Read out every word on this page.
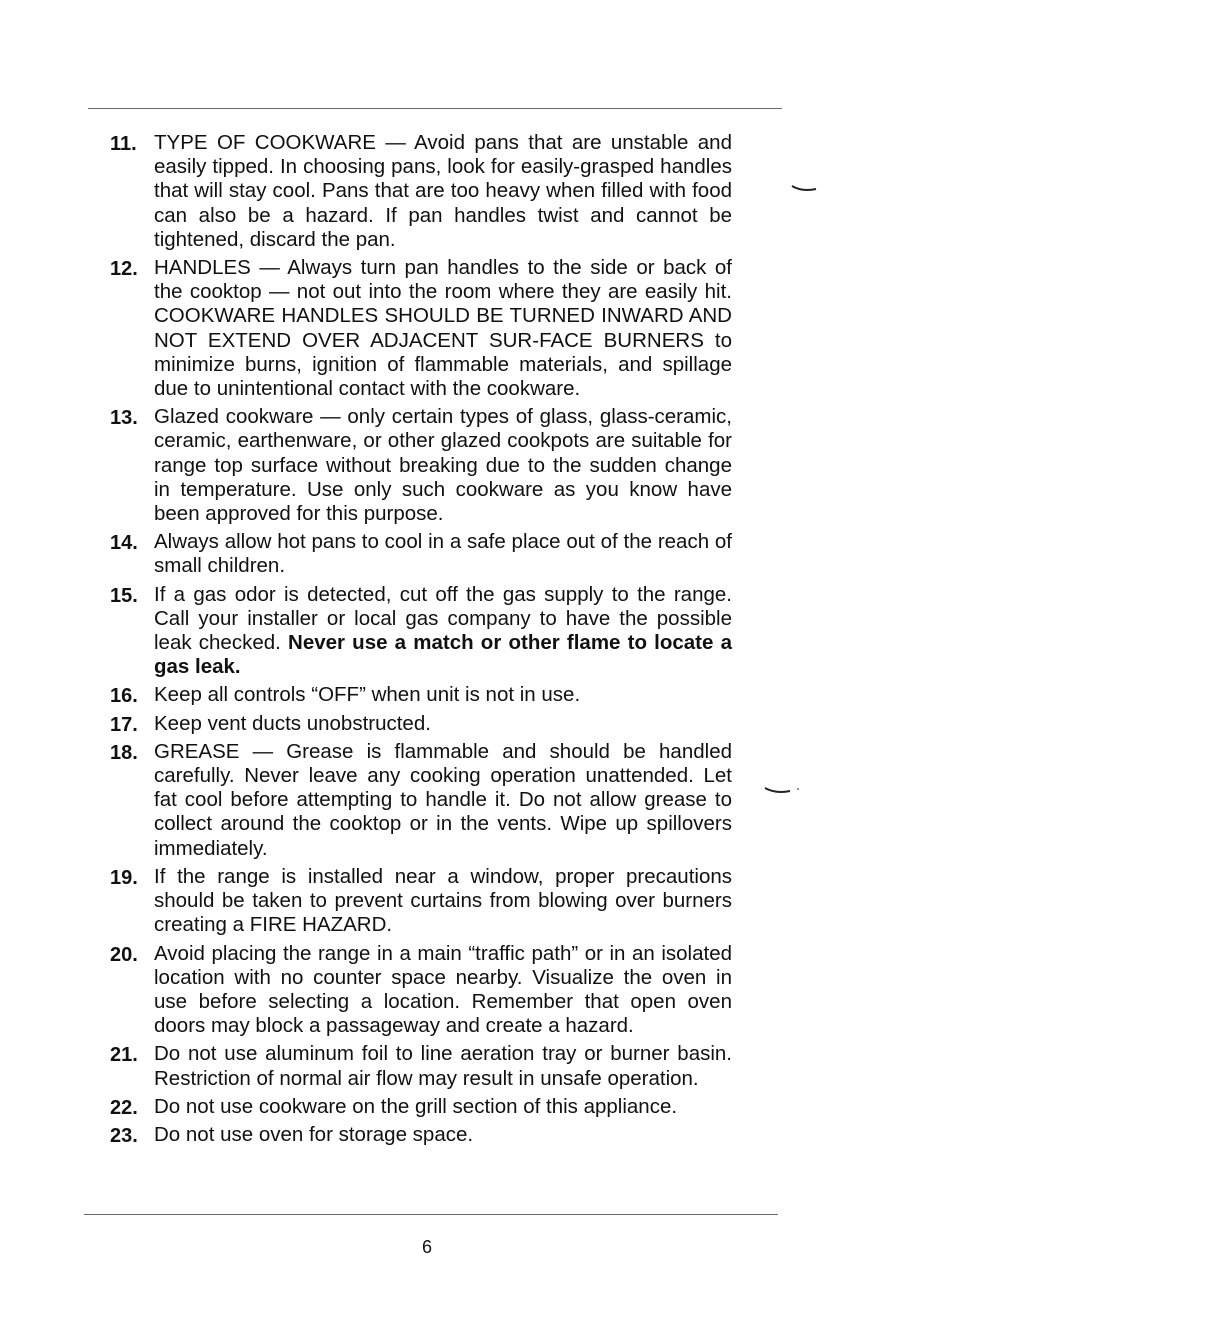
11. TYPE OF COOKWARE — Avoid pans that are unstable and easily tipped. In choosing pans, look for easily-grasped handles that will stay cool. Pans that are too heavy when filled with food can also be a hazard. If pan handles twist and cannot be tightened, discard the pan.
12. HANDLES — Always turn pan handles to the side or back of the cooktop — not out into the room where they are easily hit. COOKWARE HANDLES SHOULD BE TURNED INWARD AND NOT EXTEND OVER ADJACENT SUR-FACE BURNERS to minimize burns, ignition of flammable materials, and spillage due to unintentional contact with the cookware.
13. Glazed cookware — only certain types of glass, glass-ceramic, ceramic, earthenware, or other glazed cookpots are suitable for range top surface without breaking due to the sudden change in temperature. Use only such cookware as you know have been approved for this purpose.
14. Always allow hot pans to cool in a safe place out of the reach of small children.
15. If a gas odor is detected, cut off the gas supply to the range. Call your installer or local gas company to have the possible leak checked. Never use a match or other flame to locate a gas leak.
16. Keep all controls “OFF” when unit is not in use.
17. Keep vent ducts unobstructed.
18. GREASE — Grease is flammable and should be handled carefully. Never leave any cooking operation unattended. Let fat cool before attempting to handle it. Do not allow grease to collect around the cooktop or in the vents. Wipe up spillovers immediately.
19. If the range is installed near a window, proper precautions should be taken to prevent curtains from blowing over burners creating a FIRE HAZARD.
20. Avoid placing the range in a main “traffic path” or in an isolated location with no counter space nearby. Visualize the oven in use before selecting a location. Remember that open oven doors may block a passageway and create a hazard.
21. Do not use aluminum foil to line aeration tray or burner basin. Restriction of normal air flow may result in unsafe operation.
22. Do not use cookware on the grill section of this appliance.
23. Do not use oven for storage space.
6
